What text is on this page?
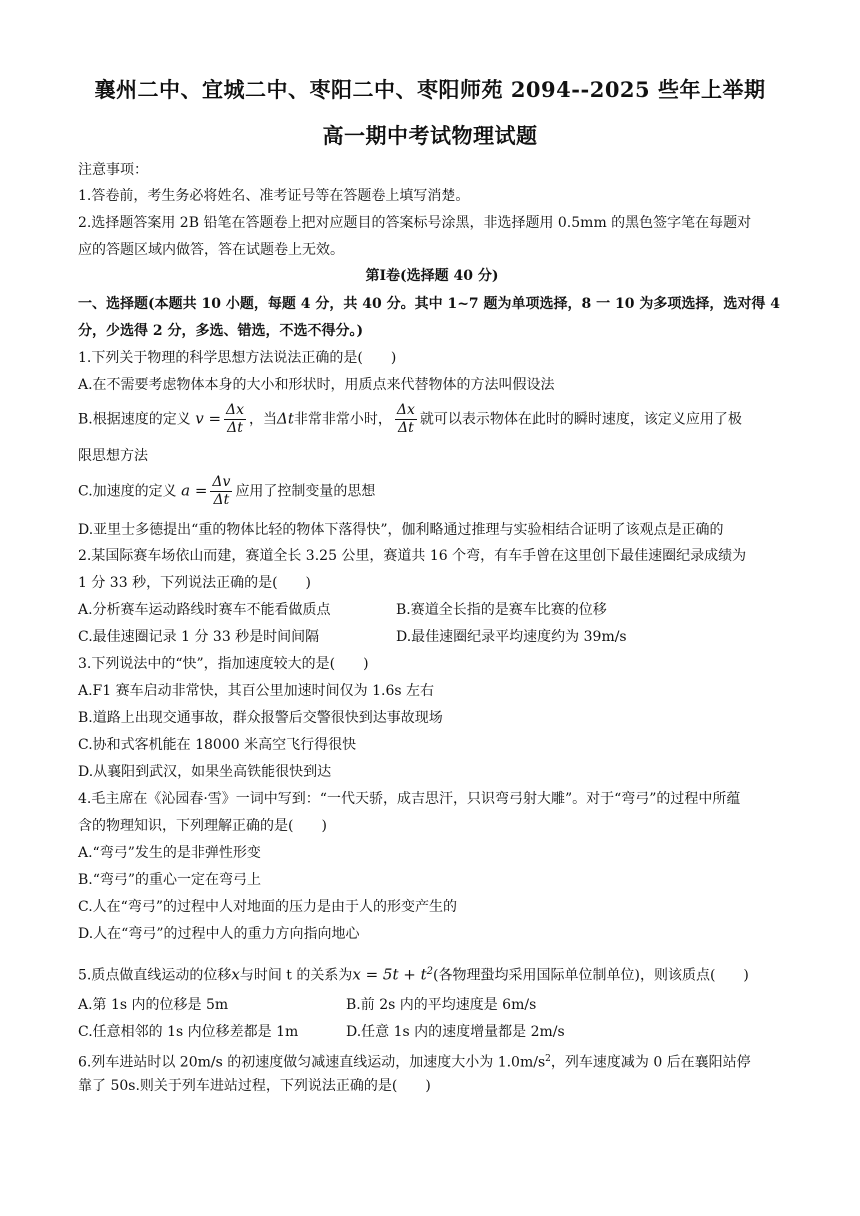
襄州二中、宜城二中、枣阳二中、枣阳师苑 2094--2025 些年上举期
高一期中考试物理试题
注意事项：
1.答卷前，考生务必将姓名、准考证号等在答题卷上填写消楚。
2.选择题答案用 2B 铅笔在答题卷上把对应题目的答案标号涂黑，非选择题用 0.5mm 的黑色签字笔在每题对
应的答题区域内做答，答在试题卷上无效。
第Ⅰ卷(选择题 40 分)
一、选择题(本题共 10 小题，每题 4 分，共 40 分。其中 1~7 题为单项选择，8 一 10 为多项选择，选对得 4
分，少选得 2 分，多选、错选，不选不得分。)
1.下列关于物理的科学思想方法说法正确的是(　　)
A.在不需要考虑物体本身的大小和形状时，用质点来代替物体的方法叫假设法
B.根据速度的定义 $v = \frac{\Delta x}{\Delta t}$ ，当Δt非常非常小时， $\frac{\Delta x}{\Delta t}$ 就可以表示物体在此时的瞬时速度，该定义应用了极
限思想方法
C.加速度的定义 $a = \frac{\Delta v}{\Delta t}$ 应用了控制变量的思想
D.亚里士多德提出“重的物体比轻的物体下落得快”，伽利略通过推理与实验相结合证明了该观点是正确的
2.某国际赛车场依山而建，赛道全长 3.25 公里，赛道共 16 个弯，有车手曾在这里创下最佳速圈纪录成绩为
1 分 33 秒，下列说法正确的是(　　)
A.分析赛车运动路线时赛车不能看做质点	B.赛道全长指的是赛车比赛的位移
C.最佳速圈记录 1 分 33 秒是时间间隔	D.最佳速圈纪录平均速度约为 39m/s
3.下列说法中的“快”，指加速度较大的是(　　)
A.F1 赛车启动非常快，其百公里加速时间仅为 1.6s 左右
B.道路上出现交通事故，群众报警后交警很快到达事故现场
C.协和式客机能在 18000 米高空飞行得很快
D.从襄阳到武汉，如果坐高铁能很快到达
4.毛主席在《沁园春·雪》一词中写到：“一代天骄，成吉思汗，只识弯弓射大雕”。对于“弯弓”的过程中所蕴
含的物理知识，下列理解正确的是(　　)
A.“弯弓”发生的是非弹性形变
B.“弯弓”的重心一定在弯弓上
C.人在“弯弓”的过程中人对地面的压力是由于人的形变产生的
D.人在“弯弓”的过程中人的重力方向指向地心
5.质点做直线运动的位移x与时间 t 的关系为$x = 5t + t^2$(各物理蛩均采用国际单位制单位)，则该质点(　　)
A.第 1s 内的位移是 5m	B.前 2s 内的平均速度是 6m/s
C.任意相邻的 1s 内位移差都是 1m	D.任意 1s 内的速度增量都是 2m/s
6.列车进站时以 20m/s 的初速度做匀减速直线运动，加速度大小为 $1.0m/s^2$，列车速度减为 0 后在襄阳站停
靠了 50s.则关于列车进站过程，下列说法正确的是(　　)
